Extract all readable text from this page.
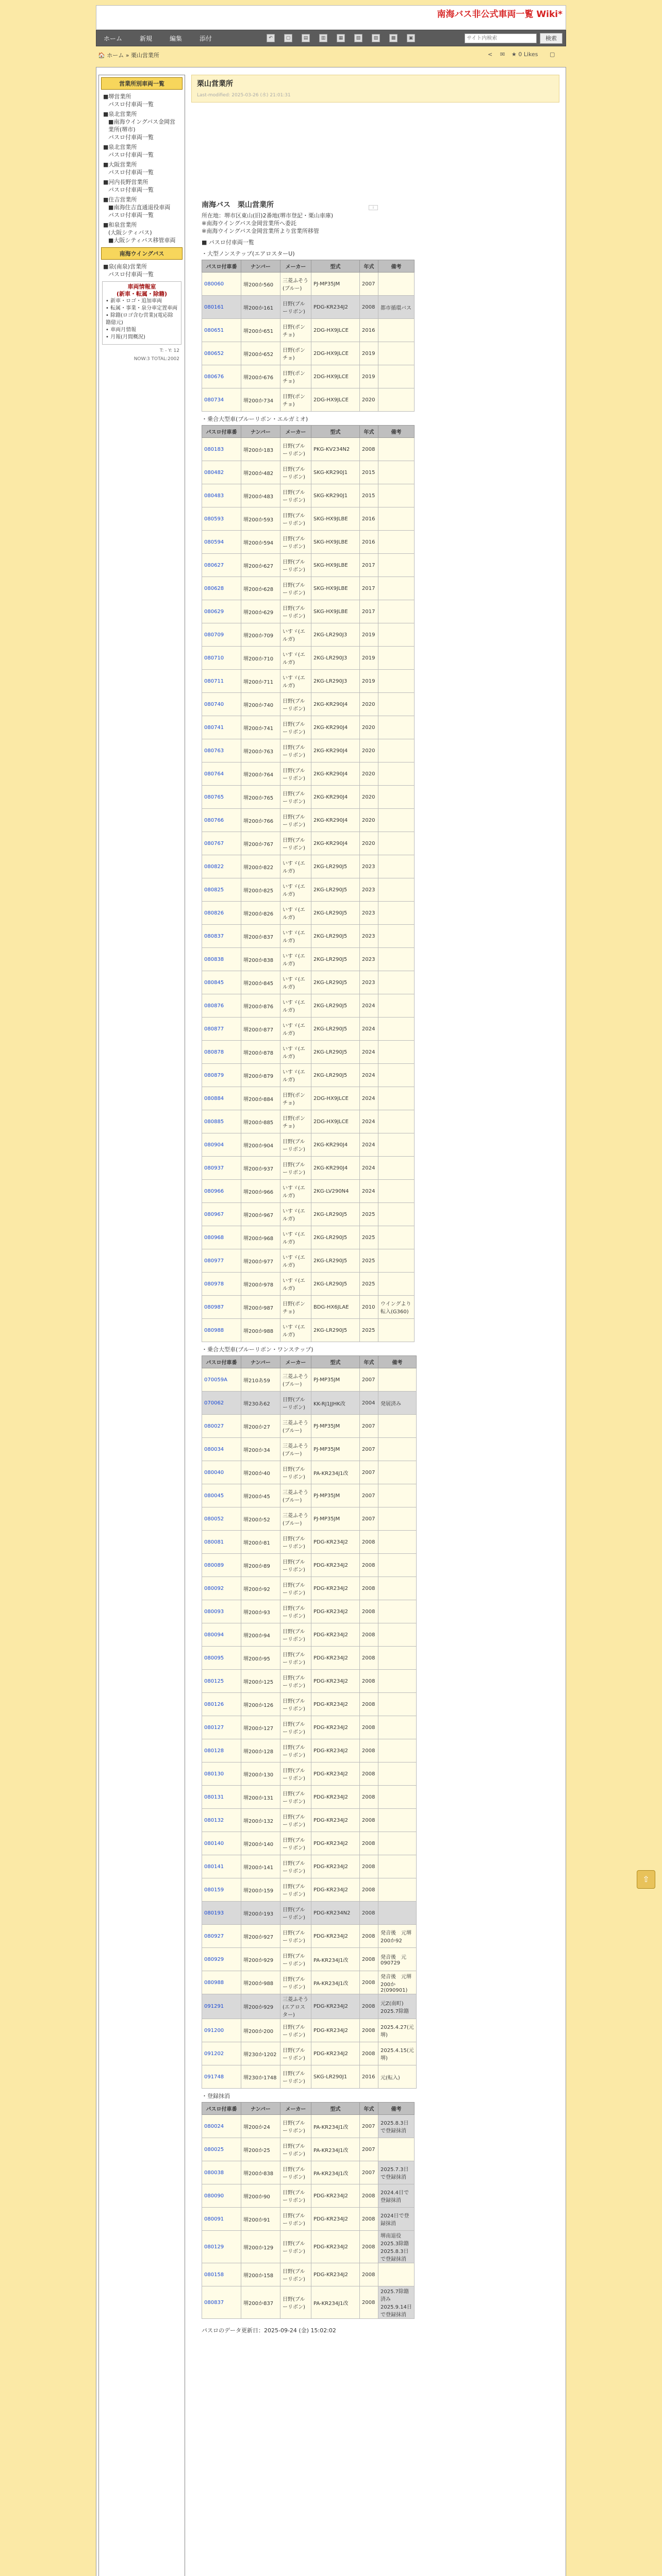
南海バス非公式車両一覧 Wiki*
ホーム	新規	編集	添付	↶	▢	▤	▥	▦	▧	▨	▩	▣
サイト内検索	検索
🏠 ホーム » 栗山営業所	< ✉ ★ 0 Likes ▢
営業所別車両一覧
■堺営業所
パスロ付車両一覧
■泉北営業所
■南海ウイングバス金岡営業所(堺市)
パスロ付車両一覧
■泉北営業所
パスロ付車両一覧
■大阪営業所
パスロ付車両一覧
■河内長野営業所
パスロ付車両一覧
■住吉営業所
■南海住吉直通退役車両
パスロ付車両一覧
■和泉営業所
(大阪シティバス)
■大阪シティバス移管車両
南海ウイングバス
■泉(南泉)営業所
パスロ付車両一覧
車両情報室
(新車・転属・除籍)
• 新車・ロゴ・追加車両
• 転属・事業・泉分車定置車両
• 除籍(ロゴ含む営業)(電応除籍億元)
• 車両月情報
• 月報(月間概況)
T: - Y: 12
NOW:3 TOTAL:2002
栗山営業所
Last-modified: 2025-03-26 (水) 21:01:31
i
南海バス　栗山営業所

所在地：堺市区東山(旧)2番地(堺市登記・栗山車庫)

※南海ウイングバス金岡営業所へ委託

※南海ウイングバス金岡営業所より営業所移管

■ パスロ付車両一覧
・大型ノンステップ(エアロスターU)
パスロ付車番	ナンバー	メーカー	型式	年式	備考
080060	堺200か560	三菱ふそう(ブルー)	PJ-MP35JM	2007	
080161	堺200か161	日野(ブルーリボン)	PDG-KR234J2	2008	都市循環バス
080651	堺200か651	日野(ポンチョ)	2DG-HX9JLCE	2016	
080652	堺200か652	日野(ポンチョ)	2DG-HX9JLCE	2019	
080676	堺200か676	日野(ポンチョ)	2DG-HX9JLCE	2019	
080734	堺200か734	日野(ポンチョ)	2DG-HX9JLCE	2020	
・乗合大型車(ブルーリボン・エルガミオ)
パスロ付車番	ナンバー	メーカー	型式	年式	備考
080183	堺200か183	日野(ブルーリボン)	PKG-KV234N2	2008	
080482	堺200か482	日野(ブルーリボン)	SKG-KR290J1	2015	
080483	堺200か483	日野(ブルーリボン)	SKG-KR290J1	2015	
080593	堺200か593	日野(ブルーリボン)	SKG-HX9JLBE	2016	
080594	堺200か594	日野(ブルーリボン)	SKG-HX9JLBE	2016	
080627	堺200か627	日野(ブルーリボン)	SKG-HX9JLBE	2017	
080628	堺200か628	日野(ブルーリボン)	SKG-HX9JLBE	2017	
080629	堺200か629	日野(ブルーリボン)	SKG-HX9JLBE	2017	
080709	堺200か709	いすゞ(エルガ)	2KG-LR290J3	2019	
080710	堺200か710	いすゞ(エルガ)	2KG-LR290J3	2019	
080711	堺200か711	いすゞ(エルガ)	2KG-LR290J3	2019	
080740	堺200か740	日野(ブルーリボン)	2KG-KR290J4	2020	
080741	堺200か741	日野(ブルーリボン)	2KG-KR290J4	2020	
080763	堺200か763	日野(ブルーリボン)	2KG-KR290J4	2020	
080764	堺200か764	日野(ブルーリボン)	2KG-KR290J4	2020	
080765	堺200か765	日野(ブルーリボン)	2KG-KR290J4	2020	
080766	堺200か766	日野(ブルーリボン)	2KG-KR290J4	2020	
080767	堺200か767	日野(ブルーリボン)	2KG-KR290J4	2020	
080822	堺200か822	いすゞ(エルガ)	2KG-LR290J5	2023	
080825	堺200か825	いすゞ(エルガ)	2KG-LR290J5	2023	
080826	堺200か826	いすゞ(エルガ)	2KG-LR290J5	2023	
080837	堺200か837	いすゞ(エルガ)	2KG-LR290J5	2023	
080838	堺200か838	いすゞ(エルガ)	2KG-LR290J5	2023	
080845	堺200か845	いすゞ(エルガ)	2KG-LR290J5	2023	
080876	堺200か876	いすゞ(エルガ)	2KG-LR290J5	2024	
080877	堺200か877	いすゞ(エルガ)	2KG-LR290J5	2024	
080878	堺200か878	いすゞ(エルガ)	2KG-LR290J5	2024	
080879	堺200か879	いすゞ(エルガ)	2KG-LR290J5	2024	
080884	堺200か884	日野(ポンチョ)	2DG-HX9JLCE	2024	
080885	堺200か885	日野(ポンチョ)	2DG-HX9JLCE	2024	
080904	堺200か904	日野(ブルーリボン)	2KG-KR290J4	2024	
080937	堺200か937	日野(ブルーリボン)	2KG-KR290J4	2024	
080966	堺200か966	いすゞ(エルガ)	2KG-LV290N4	2024	
080967	堺200か967	いすゞ(エルガ)	2KG-LR290J5	2025	
080968	堺200か968	いすゞ(エルガ)	2KG-LR290J5	2025	
080977	堺200か977	いすゞ(エルガ)	2KG-LR290J5	2025	
080978	堺200か978	いすゞ(エルガ)	2KG-LR290J5	2025	
080987	堺200か987	日野(ポンチョ)	BDG-HX6JLAE	2010	ウイングより転入(G360)
080988	堺200か988	いすゞ(エルガ)	2KG-LR290J5	2025	
・乗合大型車(ブルーリボン・ワンステップ)
パスロ付車番	ナンバー	メーカー	型式	年式	備考
070059A	堺210あ59	三菱ふそう(ブルー)	PJ-MP35JM	2007	
070062	堺230あ62	日野(ブルーリボン)	KK-RJ1JJHK改	2004	発展済み
080027	堺200か27	三菱ふそう(ブルー)	PJ-MP35JM	2007	
080034	堺200か34	三菱ふそう(ブルー)	PJ-MP35JM	2007	
080040	堺200か40	日野(ブルーリボン)	PA-KR234J1改	2007	
080045	堺200か45	三菱ふそう(ブルー)	PJ-MP35JM	2007	
080052	堺200か52	三菱ふそう(ブルー)	PJ-MP35JM	2007	
080081	堺200か81	日野(ブルーリボン)	PDG-KR234J2	2008	
080089	堺200か89	日野(ブルーリボン)	PDG-KR234J2	2008	
080092	堺200か92	日野(ブルーリボン)	PDG-KR234J2	2008	
080093	堺200か93	日野(ブルーリボン)	PDG-KR234J2	2008	
080094	堺200か94	日野(ブルーリボン)	PDG-KR234J2	2008	
080095	堺200か95	日野(ブルーリボン)	PDG-KR234J2	2008	
080125	堺200か125	日野(ブルーリボン)	PDG-KR234J2	2008	
080126	堺200か126	日野(ブルーリボン)	PDG-KR234J2	2008	
080127	堺200か127	日野(ブルーリボン)	PDG-KR234J2	2008	
080128	堺200か128	日野(ブルーリボン)	PDG-KR234J2	2008	
080130	堺200か130	日野(ブルーリボン)	PDG-KR234J2	2008	
080131	堺200か131	日野(ブルーリボン)	PDG-KR234J2	2008	
080132	堺200か132	日野(ブルーリボン)	PDG-KR234J2	2008	
080140	堺200か140	日野(ブルーリボン)	PDG-KR234J2	2008	
080141	堺200か141	日野(ブルーリボン)	PDG-KR234J2	2008	
080159	堺200か159	日野(ブルーリボン)	PDG-KR234J2	2008	
080193	堺200か193	日野(ブルーリボン)	PDG-KR234N2	2008	
080927	堺200か927	日野(ブルーリボン)	PDG-KR234J2	2008	発音後　元堺200か92
080929	堺200か929	日野(ブルーリボン)	PA-KR234J1改	2008	発音後　元090729
080988	堺200か988	日野(ブルーリボン)	PA-KR234J1改	2008	発音後　元堺200か2(090901)
091291	堺200か929	三菱ふそう(エアロスター)	PDG-KR234J2	2008	元Z(南町)　2025.7除籍
091200	堺200か200	日野(ブルーリボン)	PDG-KR234J2	2008	2025.4.27(元堺)
091202	堺230か1202	日野(ブルーリボン)	PDG-KR234J2	2008	2025.4.15(元堺)
091748	堺230か1748	日野(ブルーリボン)	SKG-LR290J1	2016	元(転入)
・登録抹消
パスロ付車番	ナンバー	メーカー	型式	年式	備考
080024	堺200か24	日野(ブルーリボン)	PA-KR234J1改	2007	2025.8.3日で登録抹消
080025	堺200か25	日野(ブルーリボン)	PA-KR234J1改	2007	
080038	堺200か838	日野(ブルーリボン)	PA-KR234J1改	2007	2025.7.3日で登録抹消
080090	堺200か90	日野(ブルーリボン)	PDG-KR234J2	2008	2024.4日で登録抹消
080091	堺200か91	日野(ブルーリボン)	PDG-KR234J2	2008	2024日で登録抹消
080129	堺200か129	日野(ブルーリボン)	PDG-KR234J2	2008	堺南退役2025.3除籍2025.8.3日で登録抹消
080158	堺200か158	日野(ブルーリボン)	PDG-KR234J2	2008	
080837	堺200か837	日野(ブルーリボン)	PA-KR234J1改	2008	2025.7除籍済み2025.9.14日で登録抹消
パスロのデータ更新日：2025-09-24 (金) 15:02:02
⇧
